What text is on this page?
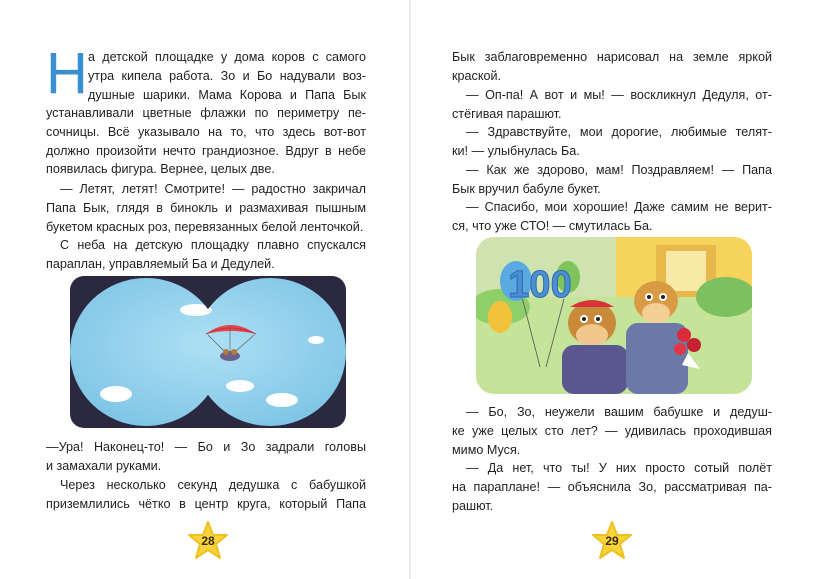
Н а детской площадке у дома коров с самого
утра кипела работа. Зо и Бо надували воз-
душные шарики. Мама Корова и Папа Бык
устанавливали цветные флажки по периметру пе-
сочницы. Всё указывало на то, что здесь вот-вот
должно произойти нечто грандиозное. Вдруг в небе
появилась фигура. Вернее, целых две.
— Летят, летят! Смотрите! — радостно закричал
Папа Бык, глядя в бинокль и размахивая пышным
букетом красных роз, перевязанных белой ленточкой.
С неба на детскую площадку плавно спускался
параплан, управляемый Ба и Дедулей.
—Ура! Наконец-то! — Бо и Зо задрали головы
и замахали руками.
Через несколько секунд дедушка с бабушкой
приземлились чётко в центр круга, который Папа
28
Бык заблаговременно нарисовал на земле яркой
краской.
— Оп-па! А вот и мы! — воскликнул Дедуля, от-
стёгивая парашют.
— Здравствуйте, мои дорогие, любимые телят-
ки! — улыбнулась Ба.
— Как же здорово, мам! Поздравляем! — Папа
Бык вручил бабуле букет.
— Спасибо, мои хорошие! Даже самим не верит-
ся, что уже СТО! — смутилась Ба.
100
— Бо, Зо, неужели вашим бабушке и дедуш-
ке уже целых сто лет? — удивилась проходившая
мимо Муся.
— Да нет, что ты! У них просто сотый полёт
на параплане! — объяснила Зо, рассматривая па-
рашют.
29
